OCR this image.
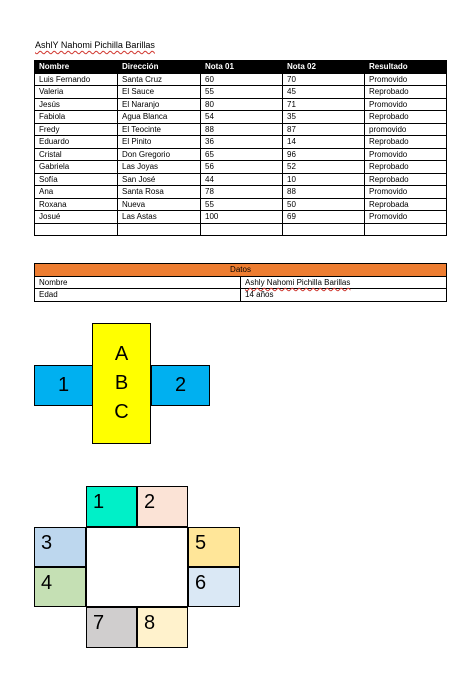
AshlY Nahomi Pichilla Barillas
Nombre	Dirección	Nota 01	Nota 02	Resultado
Luis Fernando	Santa Cruz	60	70	Promovido
Valeria	El Sauce	55	45	Reprobado
Jesús	El Naranjo	80	71	Promovido
Fabiola	Agua Blanca	54	35	Reprobado
Fredy	El Teocinte	88	87	promovido
Eduardo	El Pinito	36	14	Reprobado
Cristal	Don Gregorio	65	96	Promovido
Gabriela	Las Joyas	56	52	Reprobado
Sofía	San José	44	10	Reprobado
Ana	Santa Rosa	78	88	Promovido
Roxana	Nueva	55	50	Reprobada
Josué	Las Astas	100	69	Promovido

Datos	
Nombre	Ashly Nahomi Pichilla Barillas
Edad	14 años
1	2
A
B
C
1	2
3
4
5
6
7	8
